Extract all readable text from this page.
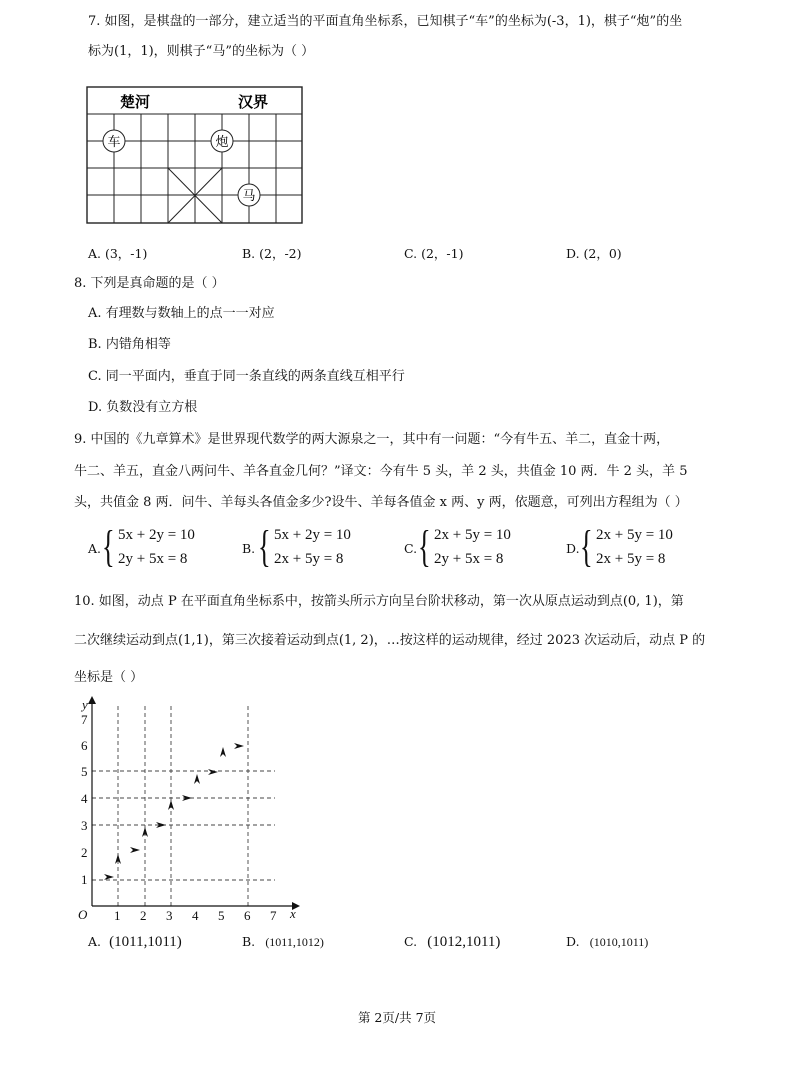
7. 如图，是棋盘的一部分，建立适当的平面直角坐标系，已知棋子“车”的坐标为(-3，1)，棋子“炮”的坐
标为(1，1)，则棋子“马”的坐标为（ ）
楚河	汉界
车	炮
马
A. (3，-1)	B. (2，-2)	C. (2，-1)	D. (2，0)
8. 下列是真命题的是（ ）
A. 有理数与数轴上的点一一对应
B. 内错角相等
C. 同一平面内，垂直于同一条直线的两条直线互相平行
D. 负数没有立方根
9. 中国的《九章算术》是世界现代数学的两大源泉之一，其中有一问题：“今有牛五、羊二，直金十两，
牛二、羊五，直金八两问牛、羊各直金几何？”译文：今有牛 5 头，羊 2 头，共值金 10 两．牛 2 头，羊 5
头，共值金 8 两．问牛、羊每头各值金多少?设牛、羊每各值金 x 两、y 两，依题意，可列出方程组为（ ）
A. { 5x + 2y = 10
2y + 5x = 8
B. { 5x + 2y = 10
2x + 5y = 8
C. { 2x + 5y = 10
2y + 5x = 8
D. { 2x + 5y = 10
2x + 5y = 8
10. 如图，动点 P 在平面直角坐标系中，按箭头所示方向呈台阶状移动，第一次从原点运动到点(0, 1)，第
二次继续运动到点(1,1)，第三次接着运动到点(1, 2)，…按这样的运动规律，经过 2023 次运动后，动点 P 的
坐标是（ ）
1 2 3 4 5 6 7
1
2
3
4
5
6
7
O	x
y
A. (1011,1011)	B. (1011,1012)	C. (1012,1011)	D. (1010,1011)
第 2页/共 7页
